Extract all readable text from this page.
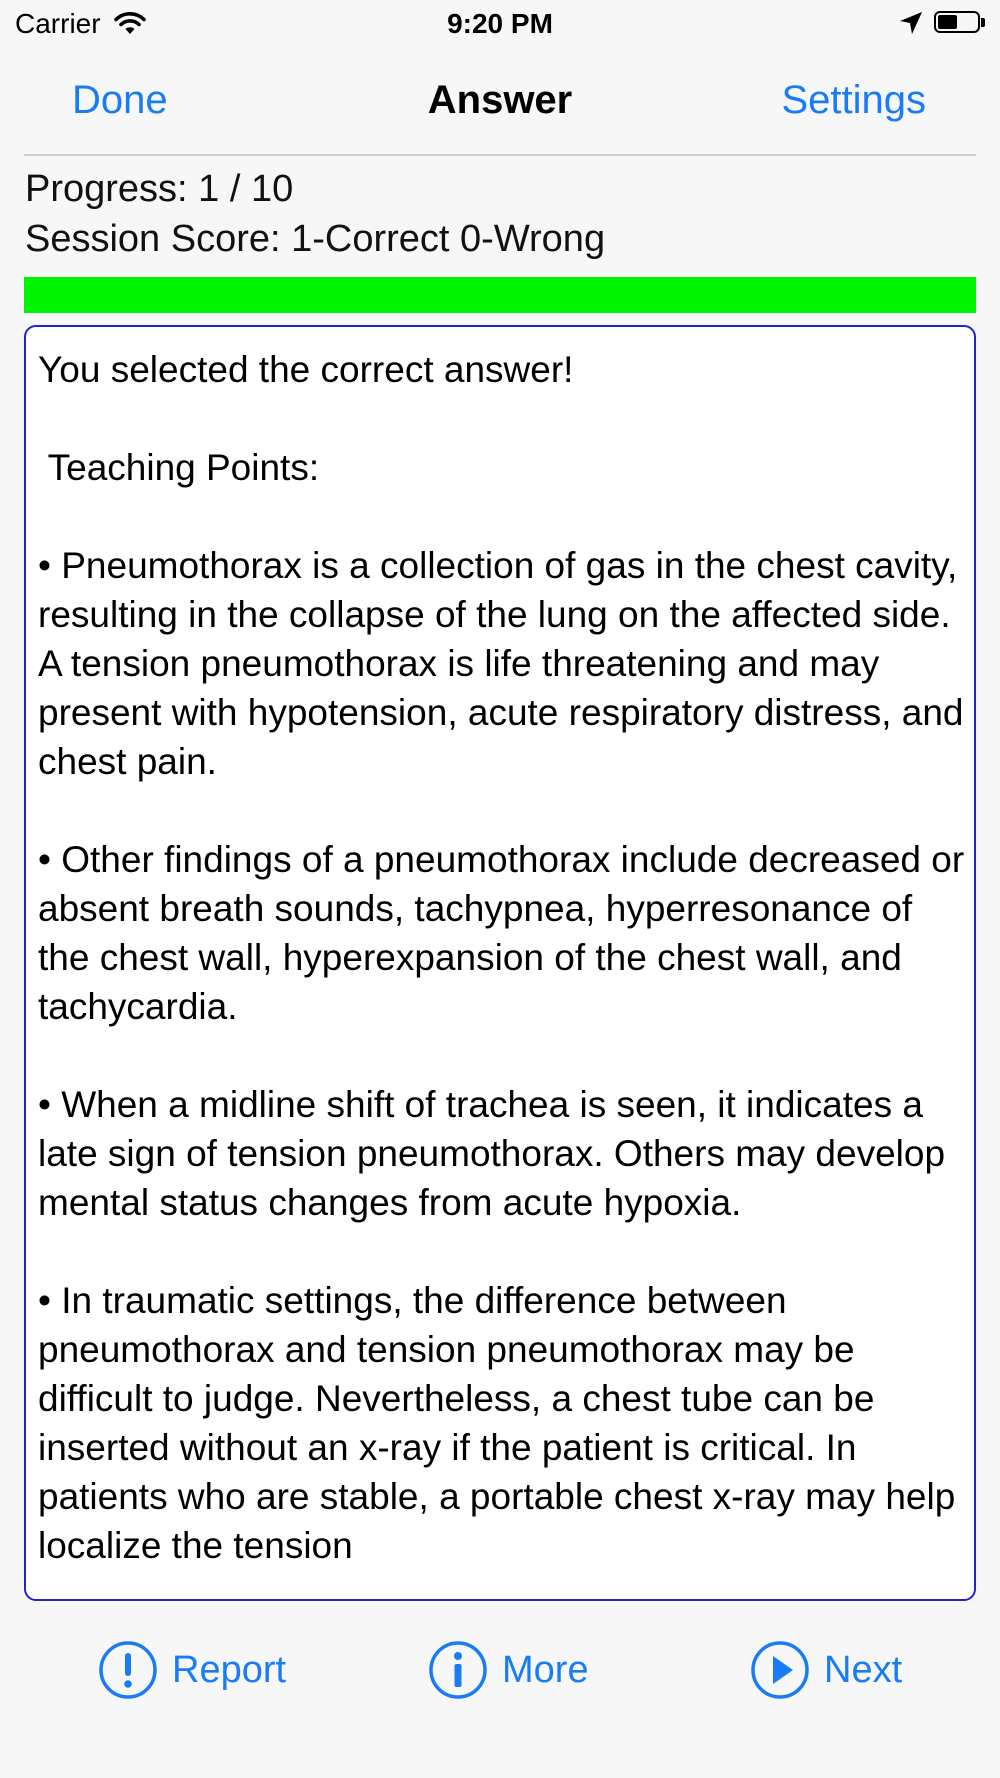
Carrier	9:20 PM
Done	Answer	Settings
Progress: 1 / 10
Session Score: 1-Correct 0-Wrong

You selected the correct answer!

Teaching Points:

• Pneumothorax is a collection of gas in the chest cavity, resulting in the collapse of the lung on the affected side. A tension pneumothorax is life threatening and may present with hypotension, acute respiratory distress, and chest pain.

• Other findings of a pneumothorax include decreased or absent breath sounds, tachypnea, hyperresonance of the chest wall, hyperexpansion of the chest wall, and tachycardia.

• When a midline shift of trachea is seen, it indicates a late sign of tension pneumothorax. Others may develop mental status changes from acute hypoxia.

• In traumatic settings, the difference between pneumothorax and tension pneumothorax may be difficult to judge. Nevertheless, a chest tube can be inserted without an x-ray if the patient is critical. In patients who are stable, a portable chest x-ray may help localize the tension

Report	More	Next
